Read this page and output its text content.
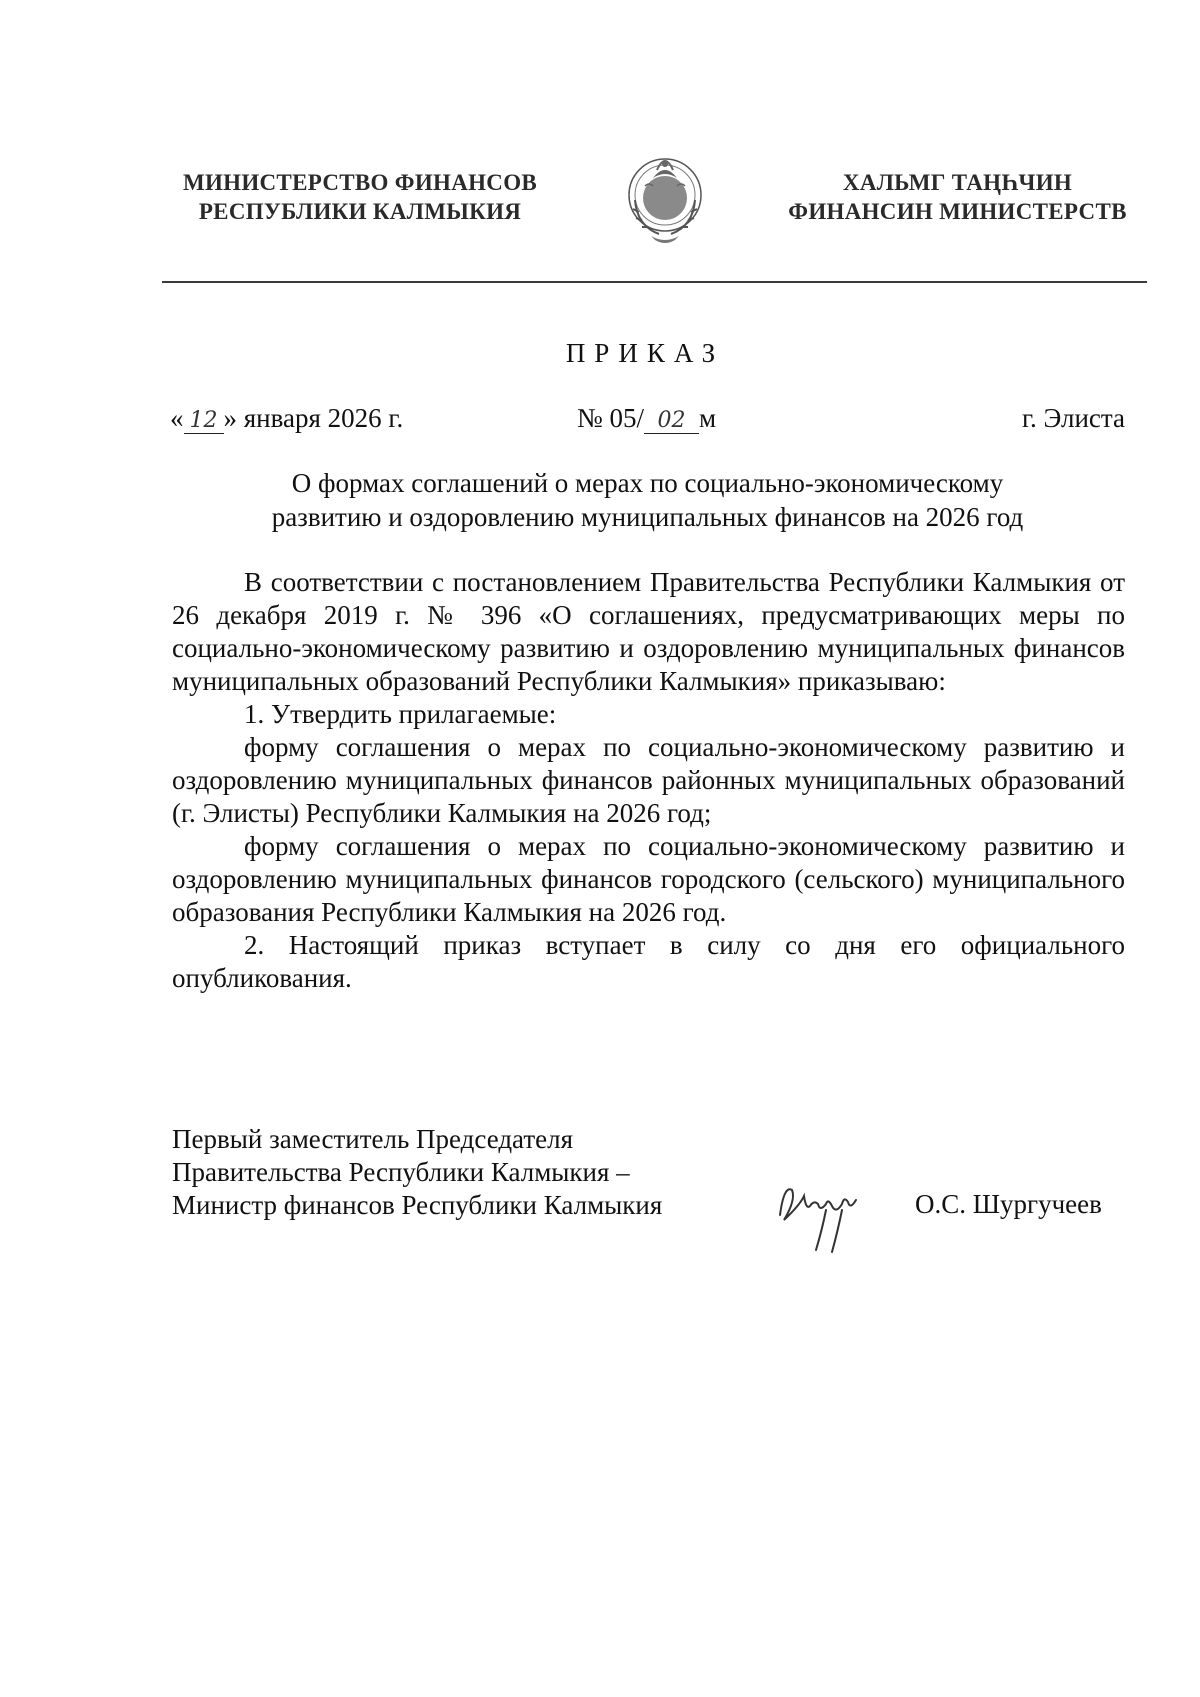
МИНИСТЕРСТВО ФИНАНСОВ
РЕСПУБЛИКИ КАЛМЫКИЯ
ХАЛЬМГ ТАҢҺЧИН
ФИНАНСИН МИНИСТЕРСТВ
ПРИКАЗ
« 12 » января 2026 г.	№ 05/ 02 м	г. Элиста
О формах соглашений о мерах по социально-экономическому
развитию и оздоровлению муниципальных финансов на 2026 год

В соответствии с постановлением Правительства Республики Калмыкия от 26 декабря 2019 г. № 396 «О соглашениях, предусматривающих меры по социально-экономическому развитию и оздоровлению муниципальных финансов муниципальных образований Республики Калмыкия» приказываю:

1. Утвердить прилагаемые:

форму соглашения о мерах по социально-экономическому развитию и оздоровлению муниципальных финансов районных муниципальных образований (г. Элисты) Республики Калмыкия на 2026 год;

форму соглашения о мерах по социально-экономическому развитию и оздоровлению муниципальных финансов городского (сельского) муниципального образования Республики Калмыкия на 2026 год.

2. Настоящий приказ вступает в силу со дня его официального опубликования.

Первый заместитель Председателя
Правительства Республики Калмыкия –
Министр финансов Республики Калмыкия	О.С. Шургучеев
